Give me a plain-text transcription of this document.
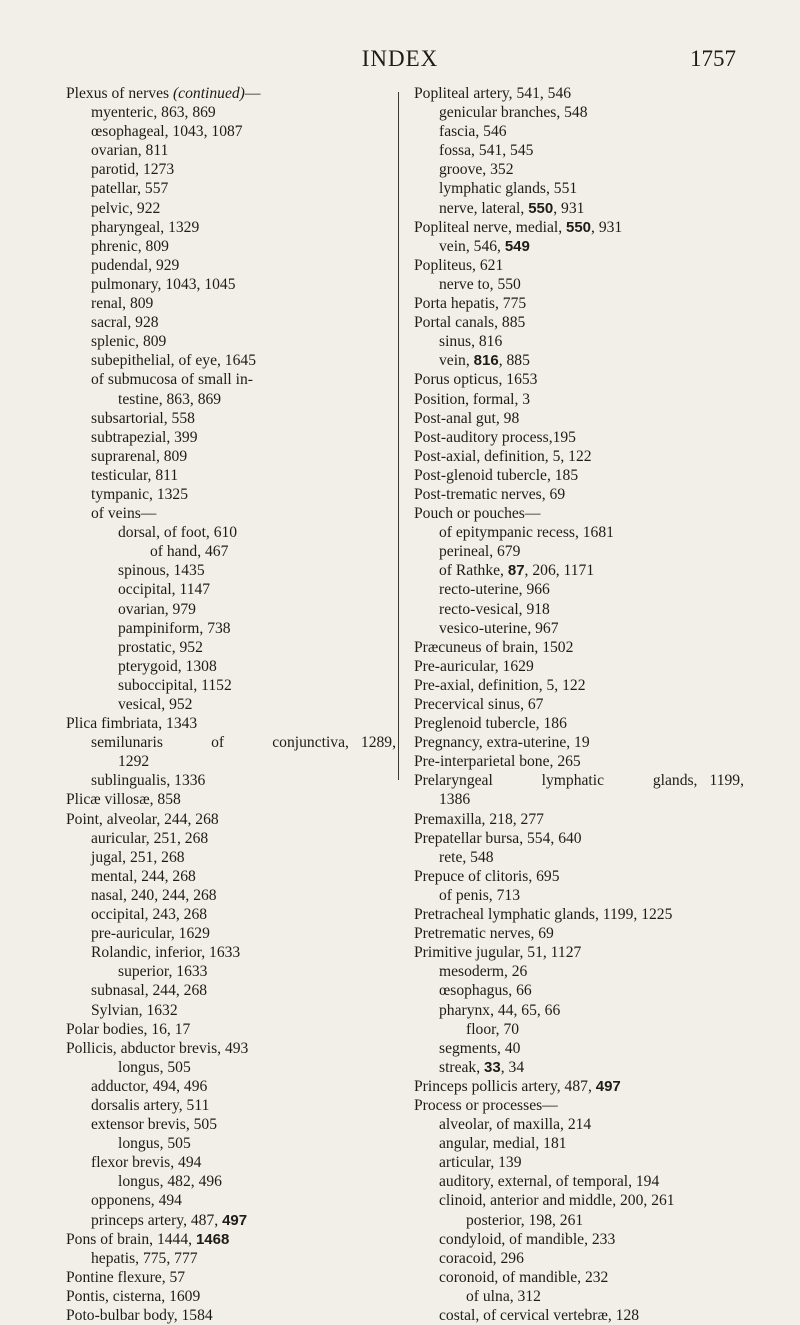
INDEX	1757
Plexus of nerves (continued)—
myenteric, 863, 869
œsophageal, 1043, 1087
ovarian, 811
parotid, 1273
patellar, 557
pelvic, 922
pharyngeal, 1329
phrenic, 809
pudendal, 929
pulmonary, 1043, 1045
renal, 809
sacral, 928
splenic, 809
subepithelial, of eye, 1645
of submucosa of small in-
testine, 863, 869
subsartorial, 558
subtrapezial, 399
suprarenal, 809
testicular, 811
tympanic, 1325
of veins—
dorsal, of foot, 610
of hand, 467
spinous, 1435
occipital, 1147
ovarian, 979
pampiniform, 738
prostatic, 952
pterygoid, 1308
suboccipital, 1152
vesical, 952
Plica fimbriata, 1343
semilunaris	of	conjunctiva, 1289,
1292
sublingualis, 1336
Plicæ villosæ, 858
Point, alveolar, 244, 268
auricular, 251, 268
jugal, 251, 268
mental, 244, 268
nasal, 240, 244, 268
occipital, 243, 268
pre-auricular, 1629
Rolandic, inferior, 1633
superior, 1633
subnasal, 244, 268
Sylvian, 1632
Polar bodies, 16, 17
Pollicis, abductor brevis, 493
longus, 505
adductor, 494, 496
dorsalis artery, 511
extensor brevis, 505
longus, 505
flexor brevis, 494
longus, 482, 496
opponens, 494
princeps artery, 487, 497
Pons of brain, 1444, 1468
hepatis, 775, 777
Pontine flexure, 57
Pontis, cisterna, 1609
Poto-bulbar body, 1584
Popliteal artery, 541, 546
genicular branches, 548
fascia, 546
fossa, 541, 545
groove, 352
lymphatic glands, 551
nerve, lateral, 550, 931
Popliteal nerve, medial, 550, 931
vein, 546, 549
Popliteus, 621
nerve to, 550
Porta hepatis, 775
Portal canals, 885
sinus, 816
vein, 816, 885
Porus opticus, 1653
Position, formal, 3
Post-anal gut, 98
Post-auditory process,195
Post-axial, definition, 5, 122
Post-glenoid tubercle, 185
Post-trematic nerves, 69
Pouch or pouches—
of epitympanic recess, 1681
perineal, 679
of Rathke, 87, 206, 1171
recto-uterine, 966
recto-vesical, 918
vesico-uterine, 967
Præcuneus of brain, 1502
Pre-auricular, 1629
Pre-axial, definition, 5, 122
Precervical sinus, 67
Preglenoid tubercle, 186
Pregnancy, extra-uterine, 19
Pre-interparietal bone, 265
Prelaryngeal	lymphatic	glands, 1199,
1386
Premaxilla, 218, 277
Prepatellar bursa, 554, 640
rete, 548
Prepuce of clitoris, 695
of penis, 713
Pretracheal lymphatic glands, 1199, 1225
Pretrematic nerves, 69
Primitive jugular, 51, 1127
mesoderm, 26
œsophagus, 66
pharynx, 44, 65, 66
floor, 70
segments, 40
streak, 33, 34
Princeps pollicis artery, 487, 497
Process or processes—
alveolar, of maxilla, 214
angular, medial, 181
articular, 139
auditory, external, of temporal, 194
clinoid, anterior and middle, 200, 261
posterior, 198, 261
condyloid, of mandible, 233
coracoid, 296
coronoid, of mandible, 232
of ulna, 312
costal, of cervical vertebræ, 128
